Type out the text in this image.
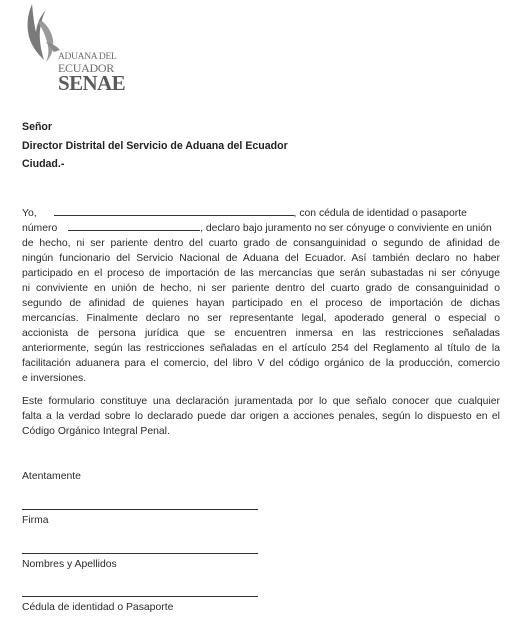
ADUANA DEL
ECUADOR
SENAE
Señor
Director Distrital del Servicio de Aduana del Ecuador
Ciudad.-
Yo,	, con cédula de identidad o pasaporte
número	, declaro bajo juramento no ser cónyuge o conviviente en unión
de hecho, ni ser pariente dentro del cuarto grado de consanguinidad o segundo de afinidad de
ningún funcionario del Servicio Nacional de Aduana del Ecuador. Así también declaro no haber
participado en el proceso de importación de las mercancías que serán subastadas ni ser cónyuge
ni conviviente en unión de hecho, ni ser pariente dentro del cuarto grado de consanguinidad o
segundo de afinidad de quienes hayan participado en el proceso de importación de dichas
mercancías. Finalmente declaro no ser representante legal, apoderado general o especial o
accionista de persona jurídica que se encuentren inmersa en las restricciones señaladas
anteriormente, según las restricciones señaladas en el artículo 254 del Reglamento al título de la
facilitación aduanera para el comercio, del libro V del código orgánico de la producción, comercio
e inversiones.
Este formulario constituye una declaración juramentada por lo que señalo conocer que cualquier
falta a la verdad sobre lo declarado puede dar origen a acciones penales, según lo dispuesto en el
Código Orgánico Integral Penal.
Atentamente
Firma
Nombres y Apellidos
Cédula de identidad o Pasaporte
